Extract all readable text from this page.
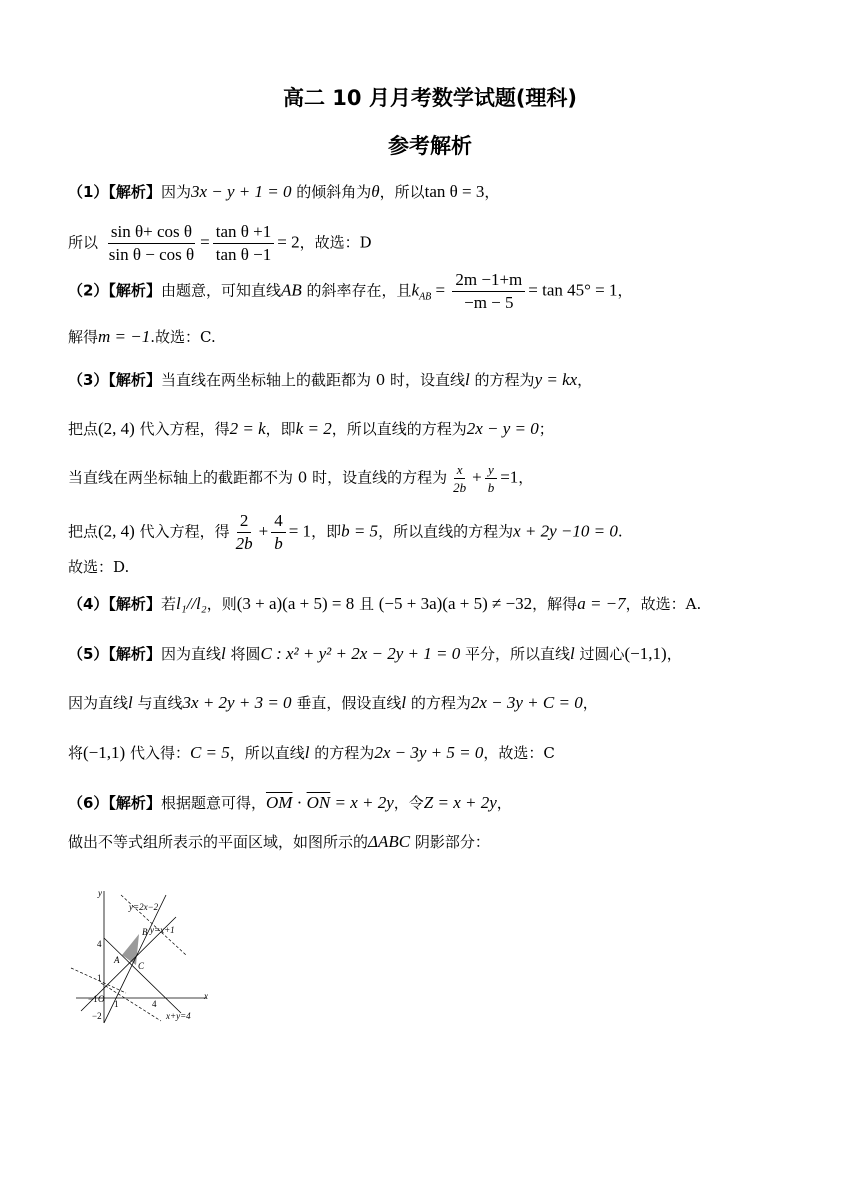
高二 10 月月考数学试题(理科)
参考解析
（1）【解析】因为3x − y + 1 = 0 的倾斜角为θ，所以tan θ = 3，
所以 $\frac{\text{sin θ+ cos θ}}{\text{sin θ − cos θ}} = \frac{\text{tan θ +1}}{\text{tan θ −1}} = 2$，故选：D
（2）【解析】由题意，可知直线AB 的斜率存在，且$k_{AB} = \frac{2m -1+m}{-m - 5} = \tan 45^\circ = 1$，
解得m = −1.故选：C.
（3）【解析】当直线在两坐标轴上的截距都为 0 时，设直线l 的方程为y = kx，
把点(2, 4) 代入方程，得2 = k，即k = 2，所以直线的方程为2x − y = 0；
当直线在两坐标轴上的截距都不为 0 时，设直线的方程为 $\frac{x}{2b} + \frac{y}{b} =1$，
把点(2, 4) 代入方程，得 $\frac{2}{2b} + \frac{4}{b} = 1$，即b = 5，所以直线的方程为x + 2y −10 = 0.
故选：D.
（4）【解析】若l₁//l₂，则(3 + a)(a + 5) = 8 且 (−5 + 3a)(a + 5) ≠ −32，解得a = −7，故选：A.
（5）【解析】因为直线l 将圆C : x² + y² + 2x − 2y + 1 = 0 平分，所以直线l 过圆心(−1,1)，
因为直线l 与直线3x + 2y + 3 = 0 垂直，假设直线l 的方程为2x − 3y + C = 0，
将(−1,1) 代入得：C = 5，所以直线l 的方程为2x − 3y + 5 = 0，故选：C
（6）【解析】根据题意可得，$\overline{OM} \cdot \overline{ON} = x + 2y$，令Z = x + 2y，
做出不等式组所表示的平面区域，如图所示的ΔABC 阴影部分：
y
x
y=2x−2
y=x+1
x+y=4
A
B
C
4
1
−1 O 1	4
−2
